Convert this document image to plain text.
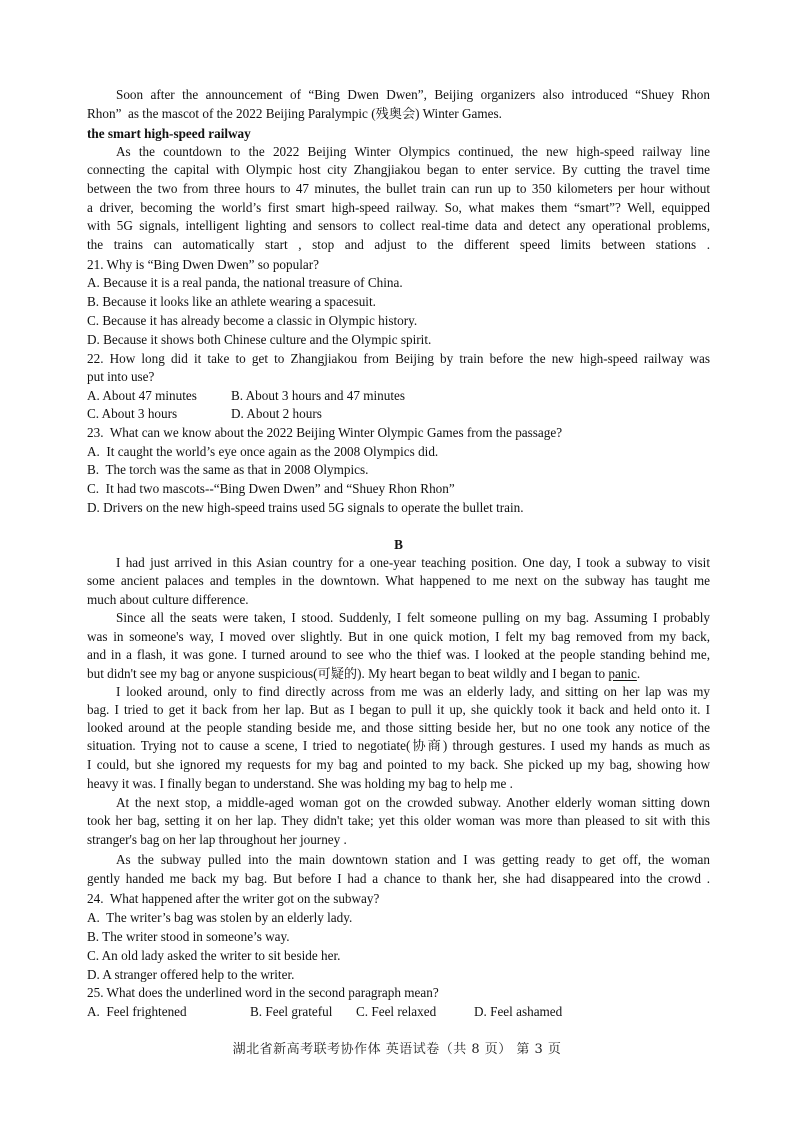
Soon after the announcement of “Bing Dwen Dwen”, Beijing organizers also introduced “Shuey Rhon
Rhon”  as the mascot of the 2022 Beijing Paralympic (残奥会) Winter Games.
the smart high-speed railway
As the countdown to the 2022 Beijing Winter Olympics continued, the new high-speed railway line
connecting the capital with Olympic host city Zhangjiakou began to enter service. By cutting the travel time
between the two from three hours to 47 minutes, the bullet train can run up to 350 kilometers per hour without
a driver, becoming the world’s first smart high-speed railway. So, what makes them “smart”? Well, equipped
with 5G signals, intelligent lighting and sensors to collect real-time data and detect any operational problems,
the trains can automatically start , stop and adjust to the different speed limits between stations .
21. Why is “Bing Dwen Dwen” so popular?
A. Because it is a real panda, the national treasure of China.
B. Because it looks like an athlete wearing a spacesuit.
C. Because it has already become a classic in Olympic history.
D. Because it shows both Chinese culture and the Olympic spirit.
22. How long did it take to get to Zhangjiakou from Beijing by train before the new high-speed railway was
put into use?
A. About 47 minutes	B. About 3 hours and 47 minutes
C. About 3 hours	D. About 2 hours
23.  What can we know about the 2022 Beijing Winter Olympic Games from the passage?
A.  It caught the world’s eye once again as the 2008 Olympics did.
B.  The torch was the same as that in 2008 Olympics.
C.  It had two mascots--“Bing Dwen Dwen” and “Shuey Rhon Rhon”
D. Drivers on the new high-speed trains used 5G signals to operate the bullet train.
B
I had just arrived in this Asian country for a one-year teaching position. One day, I took a subway to visit
some ancient palaces and temples in the downtown. What happened to me next on the subway has taught me
much about culture difference.
Since all the seats were taken, I stood. Suddenly, I felt someone pulling on my bag. Assuming I probably
was in someone's way, I moved over slightly. But in one quick motion, I felt my bag removed from my back,
and in a flash, it was gone. I turned around to see who the thief was. I looked at the people standing behind me,
but didn't see my bag or anyone suspicious(可疑的). My heart began to beat wildly and I began to panic.
I looked around, only to find directly across from me was an elderly lady, and sitting on her lap was my
bag. I tried to get it back from her lap. But as I began to pull it up, she quickly took it back and held onto it. I
looked around at the people standing beside me, and those sitting beside her, but no one took any notice of the
situation. Trying not to cause a scene, I tried to negotiate(协商) through gestures. I used my hands as much as
I could, but she ignored my requests for my bag and pointed to my back. She picked up my bag, showing how
heavy it was. I finally began to understand. She was holding my bag to help me .
At the next stop, a middle-aged woman got on the crowded subway. Another elderly woman sitting down
took her bag, setting it on her lap. They didn't take; yet this older woman was more than pleased to sit with this
stranger's bag on her lap throughout her journey .
As the subway pulled into the main downtown station and I was getting ready to get off, the woman
gently handed me back my bag. But before I had a chance to thank her, she had disappeared into the crowd .
24.  What happened after the writer got on the subway?
A.  The writer’s bag was stolen by an elderly lady.
B. The writer stood in someone’s way.
C. An old lady asked the writer to sit beside her.
D. A stranger offered help to the writer.
25. What does the underlined word in the second paragraph mean?
A.  Feel frightened	B. Feel grateful C. Feel relaxed	D. Feel ashamed
湖北省新高考联考协作体 英语试卷（共 8 页） 第 3 页
